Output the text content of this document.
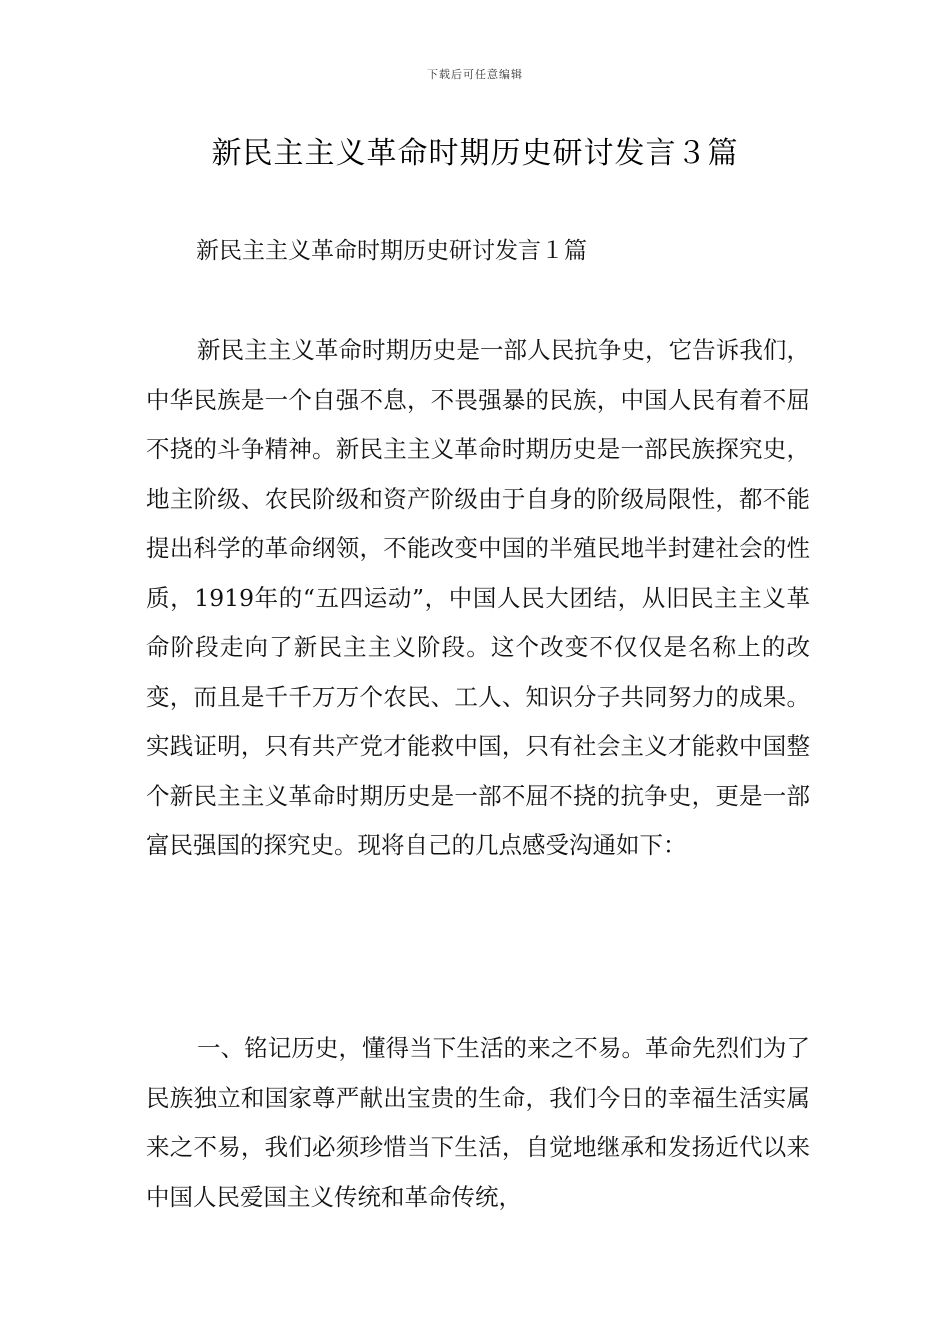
下载后可任意编辑
新民主主义革命时期历史研讨发言３篇

新民主主义革命时期历史研讨发言１篇

新民主主义革命时期历史是一部人民抗争史，它告诉我们，中华民族是一个自强不息，不畏强暴的民族，中国人民有着不屈不挠的斗争精神。新民主主义革命时期历史是一部民族探究史，地主阶级、农民阶级和资产阶级由于自身的阶级局限性，都不能提出科学的革命纲领，不能改变中国的半殖民地半封建社会的性质，1919年的“五四运动”，中国人民大团结，从旧民主主义革命阶段走向了新民主主义阶段。这个改变不仅仅是名称上的改变，而且是千千万万个农民、工人、知识分子共同努力的成果。实践证明，只有共产党才能救中国，只有社会主义才能救中国整个新民主主义革命时期历史是一部不屈不挠的抗争史，更是一部富民强国的探究史。现将自己的几点感受沟通如下：

一、铭记历史，懂得当下生活的来之不易。革命先烈们为了民族独立和国家尊严献出宝贵的生命，我们今日的幸福生活实属来之不易，我们必须珍惜当下生活，自觉地继承和发扬近代以来中国人民爱国主义传统和革命传统，
